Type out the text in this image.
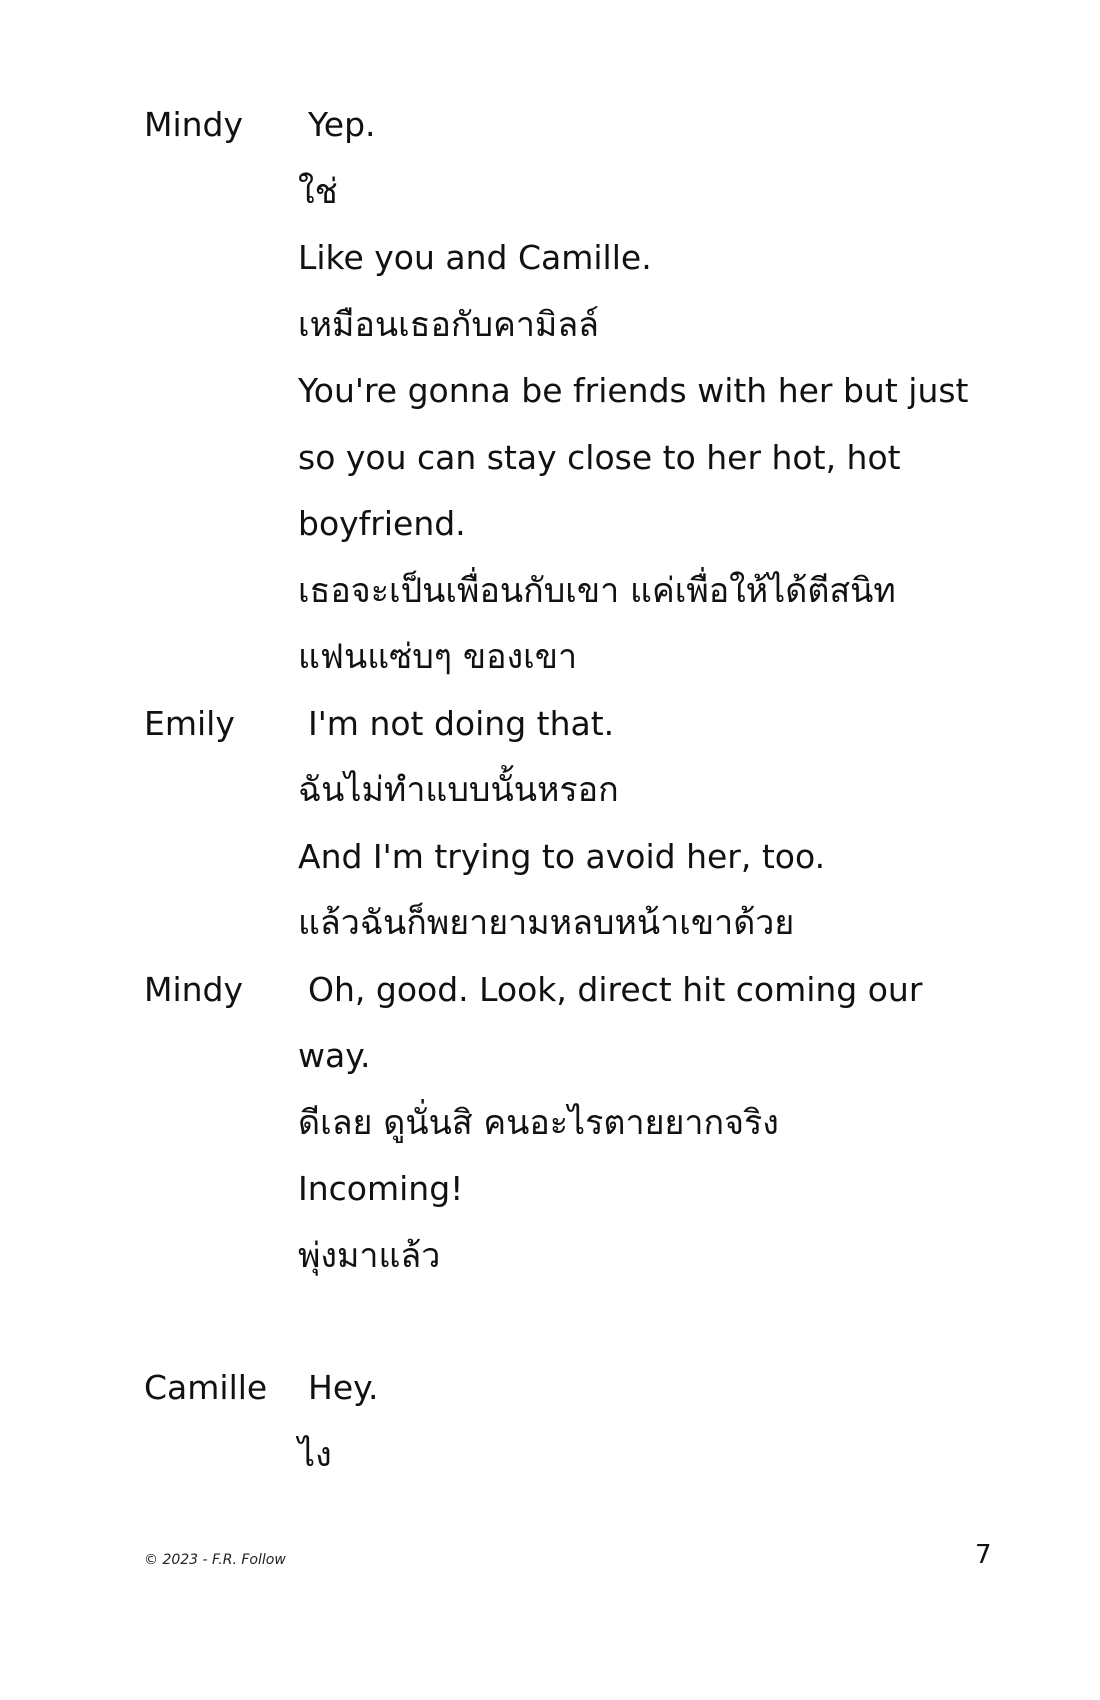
Mindy	Yep.
ใช่
Like you and Camille.
เหมือนเธอกับคามิลล์
You're gonna be friends with her but just
so you can stay close to her hot, hot
boyfriend.
เธอจะเป็นเพื่อนกับเขา แค่เพื่อให้ได้ตีสนิท
แฟนแซ่บๆ ของเขา
Emily	I'm not doing that.
ฉันไม่ทำแบบนั้นหรอก
And I'm trying to avoid her, too.
แล้วฉันก็พยายามหลบหน้าเขาด้วย
Mindy	Oh, good. Look, direct hit coming our
way.
ดีเลย ดูนั่นสิ คนอะไรตายยากจริง
Incoming!
พุ่งมาแล้ว
Camille	Hey.
ไง
© 2023 - F.R. Follow	7
